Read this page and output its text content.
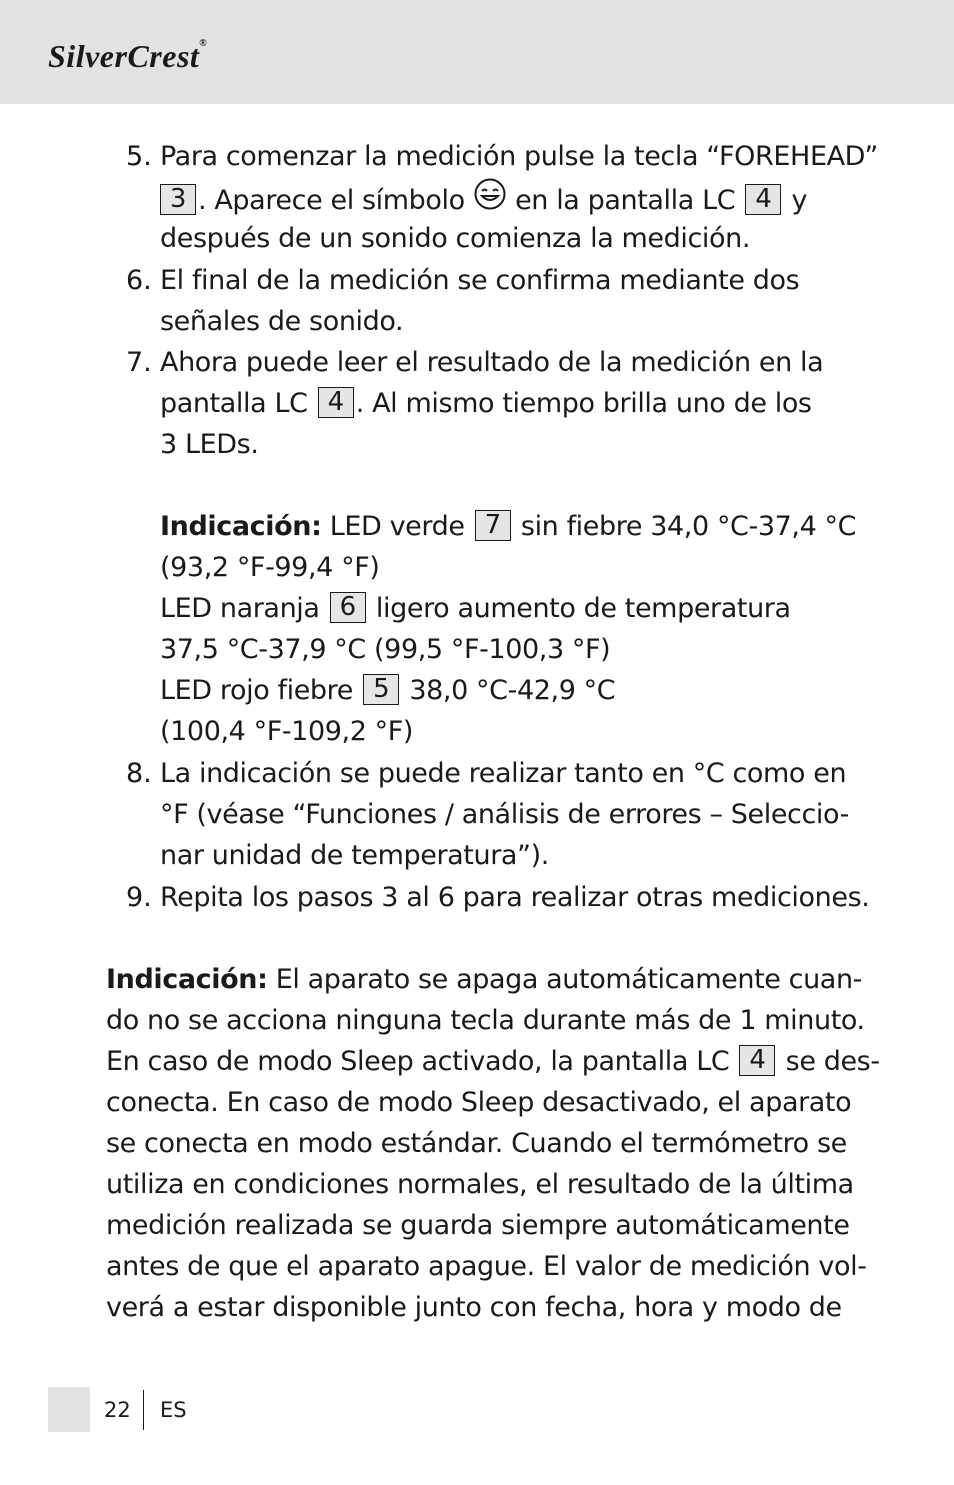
SilverCrest®
5. Para comenzar la medición pulse la tecla “FOREHEAD”
3 . Aparece el símbolo  en la pantalla LC 4 y
después de un sonido comienza la medición.
6. El final de la medición se confirma mediante dos
señales de sonido.
7. Ahora puede leer el resultado de la medición en la
pantalla LC 4 . Al mismo tiempo brilla uno de los
3 LEDs.
Indicación: LED verde 7 sin fiebre 34,0 °C-37,4 °C
(93,2 °F-99,4 °F)
LED naranja 6 ligero aumento de temperatura
37,5 °C-37,9 °C (99,5 °F-100,3 °F)
LED rojo fiebre 5 38,0 °C-42,9 °C
(100,4 °F-109,2 °F)
8. La indicación se puede realizar tanto en °C como en
°F (véase “Funciones / análisis de errores – Seleccio-
nar unidad de temperatura”).
9. Repita los pasos 3 al 6 para realizar otras mediciones.
Indicación: El aparato se apaga automáticamente cuan-
do no se acciona ninguna tecla durante más de 1 minuto.
En caso de modo Sleep activado, la pantalla LC 4 se des-
conecta. En caso de modo Sleep desactivado, el aparato
se conecta en modo estándar. Cuando el termómetro se
utiliza en condiciones normales, el resultado de la última
medición realizada se guarda siempre automáticamente
antes de que el aparato apague. El valor de medición vol-
verá a estar disponible junto con fecha, hora y modo de
22 ES
